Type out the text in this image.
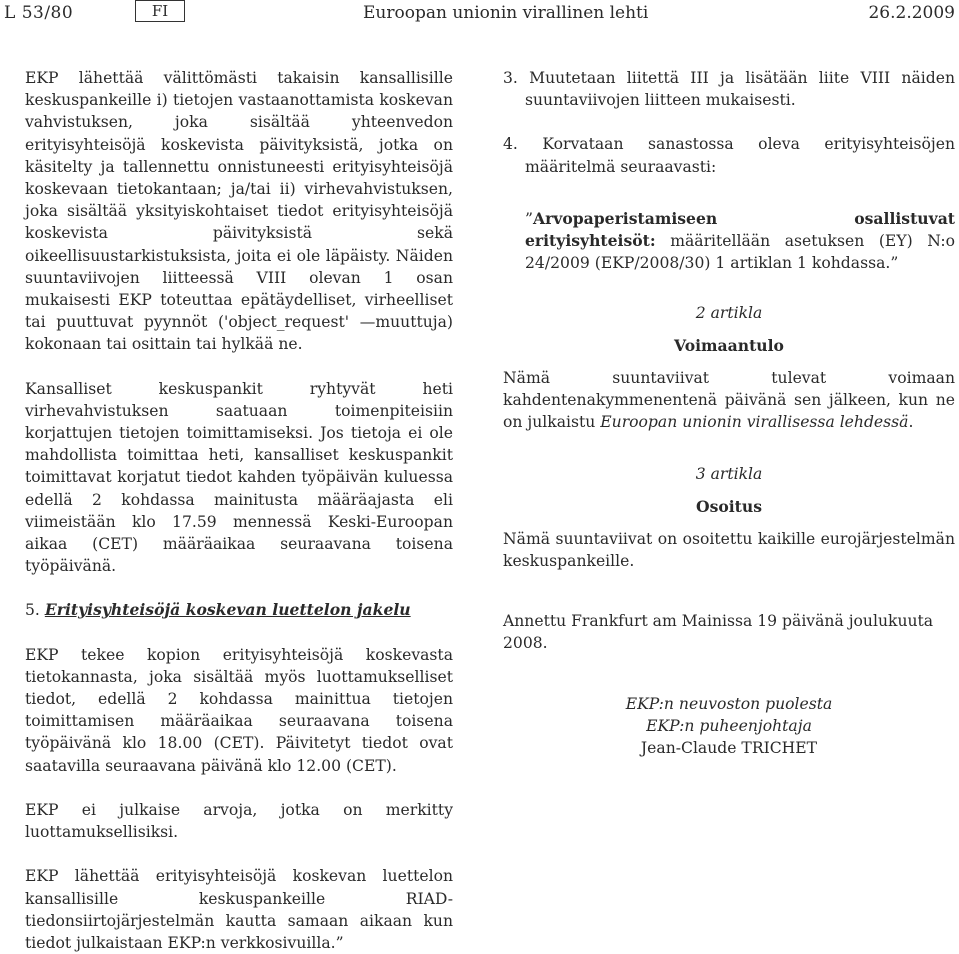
L 53/80	FI	Euroopan unionin virallinen lehti	26.2.2009

EKP lähettää välittömästi takaisin kansallisille keskuspankeille i) tietojen vastaanottamista koskevan vahvistuksen, joka sisältää yhteenvedon erityisyhteisöjä koskevista päivityksistä, jotka on käsitelty ja tallennettu onnistuneesti erityisyhteisöjä koskevaan tietokantaan; ja/tai ii) virhevahvistuksen, joka sisältää yksityiskohtaiset tiedot erityisyhteisöjä koskevista päivityksistä sekä oikeellisuustarkistuksista, joita ei ole läpäisty. Näiden suuntaviivojen liitteessä VIII olevan 1 osan mukaisesti EKP toteuttaa epätäydelliset, virheelliset tai puuttuvat pyynnöt ('object_request' —muuttuja) kokonaan tai osittain tai hylkää ne.

Kansalliset keskuspankit ryhtyvät heti virhevahvistuksen saatuaan toimenpiteisiin korjattujen tietojen toimittamiseksi. Jos tietoja ei ole mahdollista toimittaa heti, kansalliset keskuspankit toimittavat korjatut tiedot kahden työpäivän kuluessa edellä 2 kohdassa mainitusta määräajasta eli viimeistään klo 17.59 mennessä Keski-Euroopan aikaa (CET) määräaikaa seuraavana toisena työpäivänä.

5. Erityisyhteisöjä koskevan luettelon jakelu

EKP tekee kopion erityisyhteisöjä koskevasta tietokannasta, joka sisältää myös luottamukselliset tiedot, edellä 2 kohdassa mainittua tietojen toimittamisen määräaikaa seuraavana toisena työpäivänä klo 18.00 (CET). Päivitetyt tiedot ovat saatavilla seuraavana päivänä klo 12.00 (CET).

EKP ei julkaise arvoja, jotka on merkitty luottamuksellisiksi.

EKP lähettää erityisyhteisöjä koskevan luettelon kansallisille keskuspankeille RIAD-tiedonsiirtojärjestelmän kautta samaan aikaan kun tiedot julkaistaan EKP:n verkkosivuilla.”

3. Muutetaan liitettä III ja lisätään liite VIII näiden suuntaviivojen liitteen mukaisesti.

4. Korvataan sanastossa oleva erityisyhteisöjen määritelmä seuraavasti:

”Arvopaperistamiseen osallistuvat erityisyhteisöt: määritellään asetuksen (EY) N:o 24/2009 (EKP/2008/30) 1 artiklan 1 kohdassa.”

2 artikla

Voimaantulo

Nämä suuntaviivat tulevat voimaan kahdentenakymmenentenä päivänä sen jälkeen, kun ne on julkaistu Euroopan unionin virallisessa lehdessä.

3 artikla

Osoitus

Nämä suuntaviivat on osoitettu kaikille eurojärjestelmän keskuspankeille.

Annettu Frankfurt am Mainissa 19 päivänä joulukuuta 2008.

EKP:n neuvoston puolesta

EKP:n puheenjohtaja

Jean-Claude TRICHET
